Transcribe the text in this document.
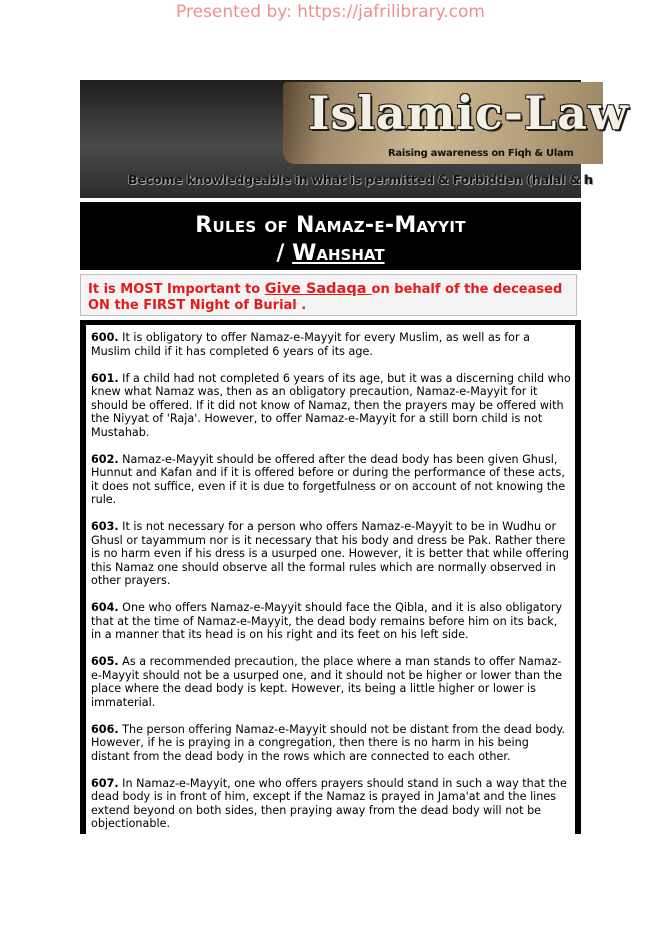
Presented by: https://jafrilibrary.com
Islamic-Law
Raising awareness on Fiqh & Ulam
Become knowledgeable in what is permitted & Forbidden (halal & h
Rules of Namaz-e-Mayyit
/ Wahshat
It is MOST Important to Give Sadaqa on behalf of the deceased ON the FIRST Night of Burial .

600. It is obligatory to offer Namaz-e-Mayyit for every Muslim, as well as for a Muslim child if it has completed 6 years of its age.

601. If a child had not completed 6 years of its age, but it was a discerning child who knew what Namaz was, then as an obligatory precaution, Namaz-e-Mayyit for it should be offered. If it did not know of Namaz, then the prayers may be offered with the Niyyat of 'Raja'. However, to offer Namaz-e-Mayyit for a still born child is not Mustahab.

602. Namaz-e-Mayyit should be offered after the dead body has been given Ghusl, Hunnut and Kafan and if it is offered before or during the performance of these acts, it does not suffice, even if it is due to forgetfulness or on account of not knowing the rule.

603. It is not necessary for a person who offers Namaz-e-Mayyit to be in Wudhu or Ghusl or tayammum nor is it necessary that his body and dress be Pak. Rather there is no harm even if his dress is a usurped one. However, it is better that while offering this Namaz one should observe all the formal rules which are normally observed in other prayers.

604. One who offers Namaz-e-Mayyit should face the Qibla, and it is also obligatory that at the time of Namaz-e-Mayyit, the dead body remains before him on its back, in a manner that its head is on his right and its feet on his left side.

605. As a recommended precaution, the place where a man stands to offer Namaz-e-Mayyit should not be a usurped one, and it should not be higher or lower than the place where the dead body is kept. However, its being a little higher or lower is immaterial.

606. The person offering Namaz-e-Mayyit should not be distant from the dead body. However, if he is praying in a congregation, then there is no harm in his being distant from the dead body in the rows which are connected to each other.

607. In Namaz-e-Mayyit, one who offers prayers should stand in such a way that the dead body is in front of him, except if the Namaz is prayed in Jama'at and the lines extend beyond on both sides, then praying away from the dead body will not be objectionable.
